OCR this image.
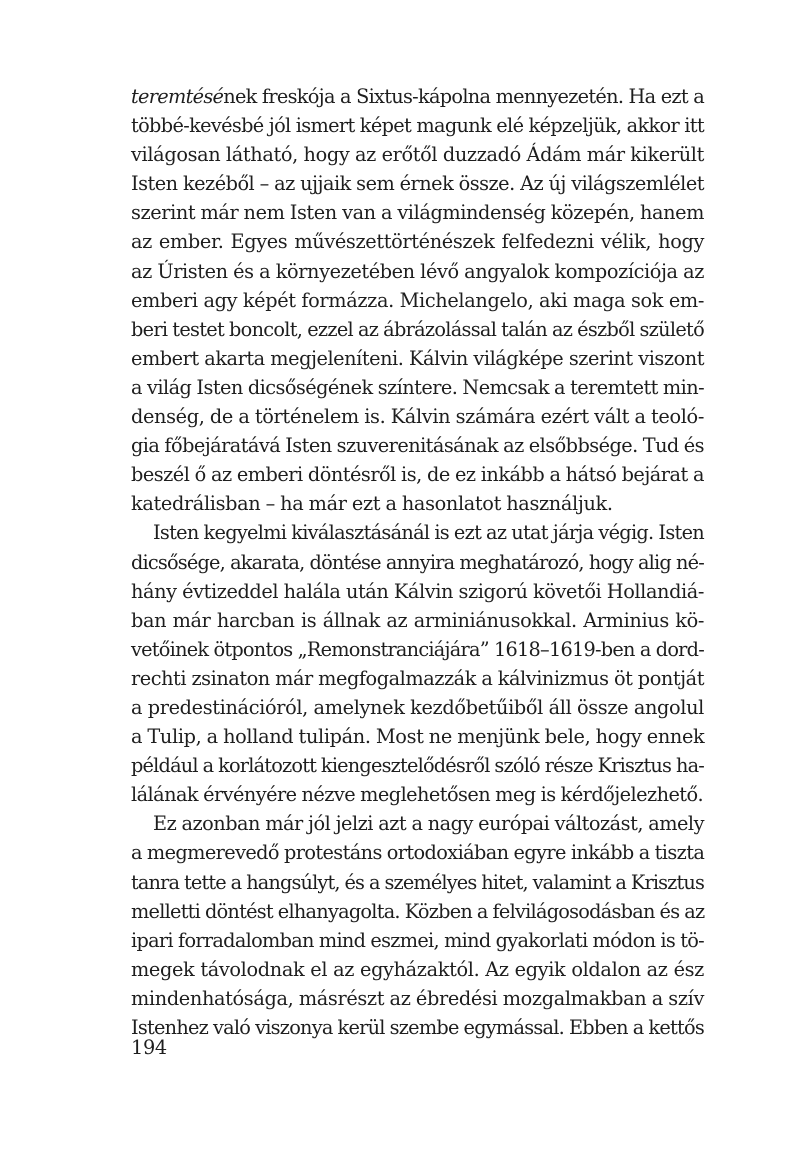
teremtésének freskója a Sixtus-kápolna mennyezetén. Ha ezt a
többé-kevésbé jól ismert képet magunk elé képzeljük, akkor itt
világosan látható, hogy az erőtől duzzadó Ádám már kikerült
Isten kezéből – az ujjaik sem érnek össze. Az új világszemlélet
szerint már nem Isten van a világmindenség közepén, hanem
az ember. Egyes művészettörténészek felfedezni vélik, hogy
az Úristen és a környezetében lévő angyalok kompozíciója az
emberi agy képét formázza. Michelangelo, aki maga sok em-
beri testet boncolt, ezzel az ábrázolással talán az észből születő
embert akarta megjeleníteni. Kálvin világképe szerint viszont
a világ Isten dicsőségének színtere. Nemcsak a teremtett min-
denség, de a történelem is. Kálvin számára ezért vált a teoló-
gia főbejáratává Isten szuverenitásának az elsőbbsége. Tud és
beszél ő az emberi döntésről is, de ez inkább a hátsó bejárat a
katedrálisban – ha már ezt a hasonlatot használjuk.
Isten kegyelmi kiválasztásánál is ezt az utat járja végig. Isten
dicsősége, akarata, döntése annyira meghatározó, hogy alig né-
hány évtizeddel halála után Kálvin szigorú követői Hollandiá-
ban már harcban is állnak az arminiánusokkal. Arminius kö-
vetőinek ötpontos „Remonstranciájára” 1618–1619-ben a dord-
rechti zsinaton már megfogalmazzák a kálvinizmus öt pontját
a predestinációról, amelynek kezdőbetűiből áll össze angolul
a Tulip, a holland tulipán. Most ne menjünk bele, hogy ennek
például a korlátozott kiengesztelődésről szóló része Krisztus ha-
lálának érvényére nézve meglehetősen meg is kérdőjelezhető.
Ez azonban már jól jelzi azt a nagy európai változást, amely
a megmerevedő protestáns ortodoxiában egyre inkább a tiszta
tanra tette a hangsúlyt, és a személyes hitet, valamint a Krisztus
melletti döntést elhanyagolta. Közben a felvilágosodásban és az
ipari forradalomban mind eszmei, mind gyakorlati módon is tö-
megek távolodnak el az egyházaktól. Az egyik oldalon az ész
mindenhatósága, másrészt az ébredési mozgalmakban a szív
Istenhez való viszonya kerül szembe egymással. Ebben a kettős
194
